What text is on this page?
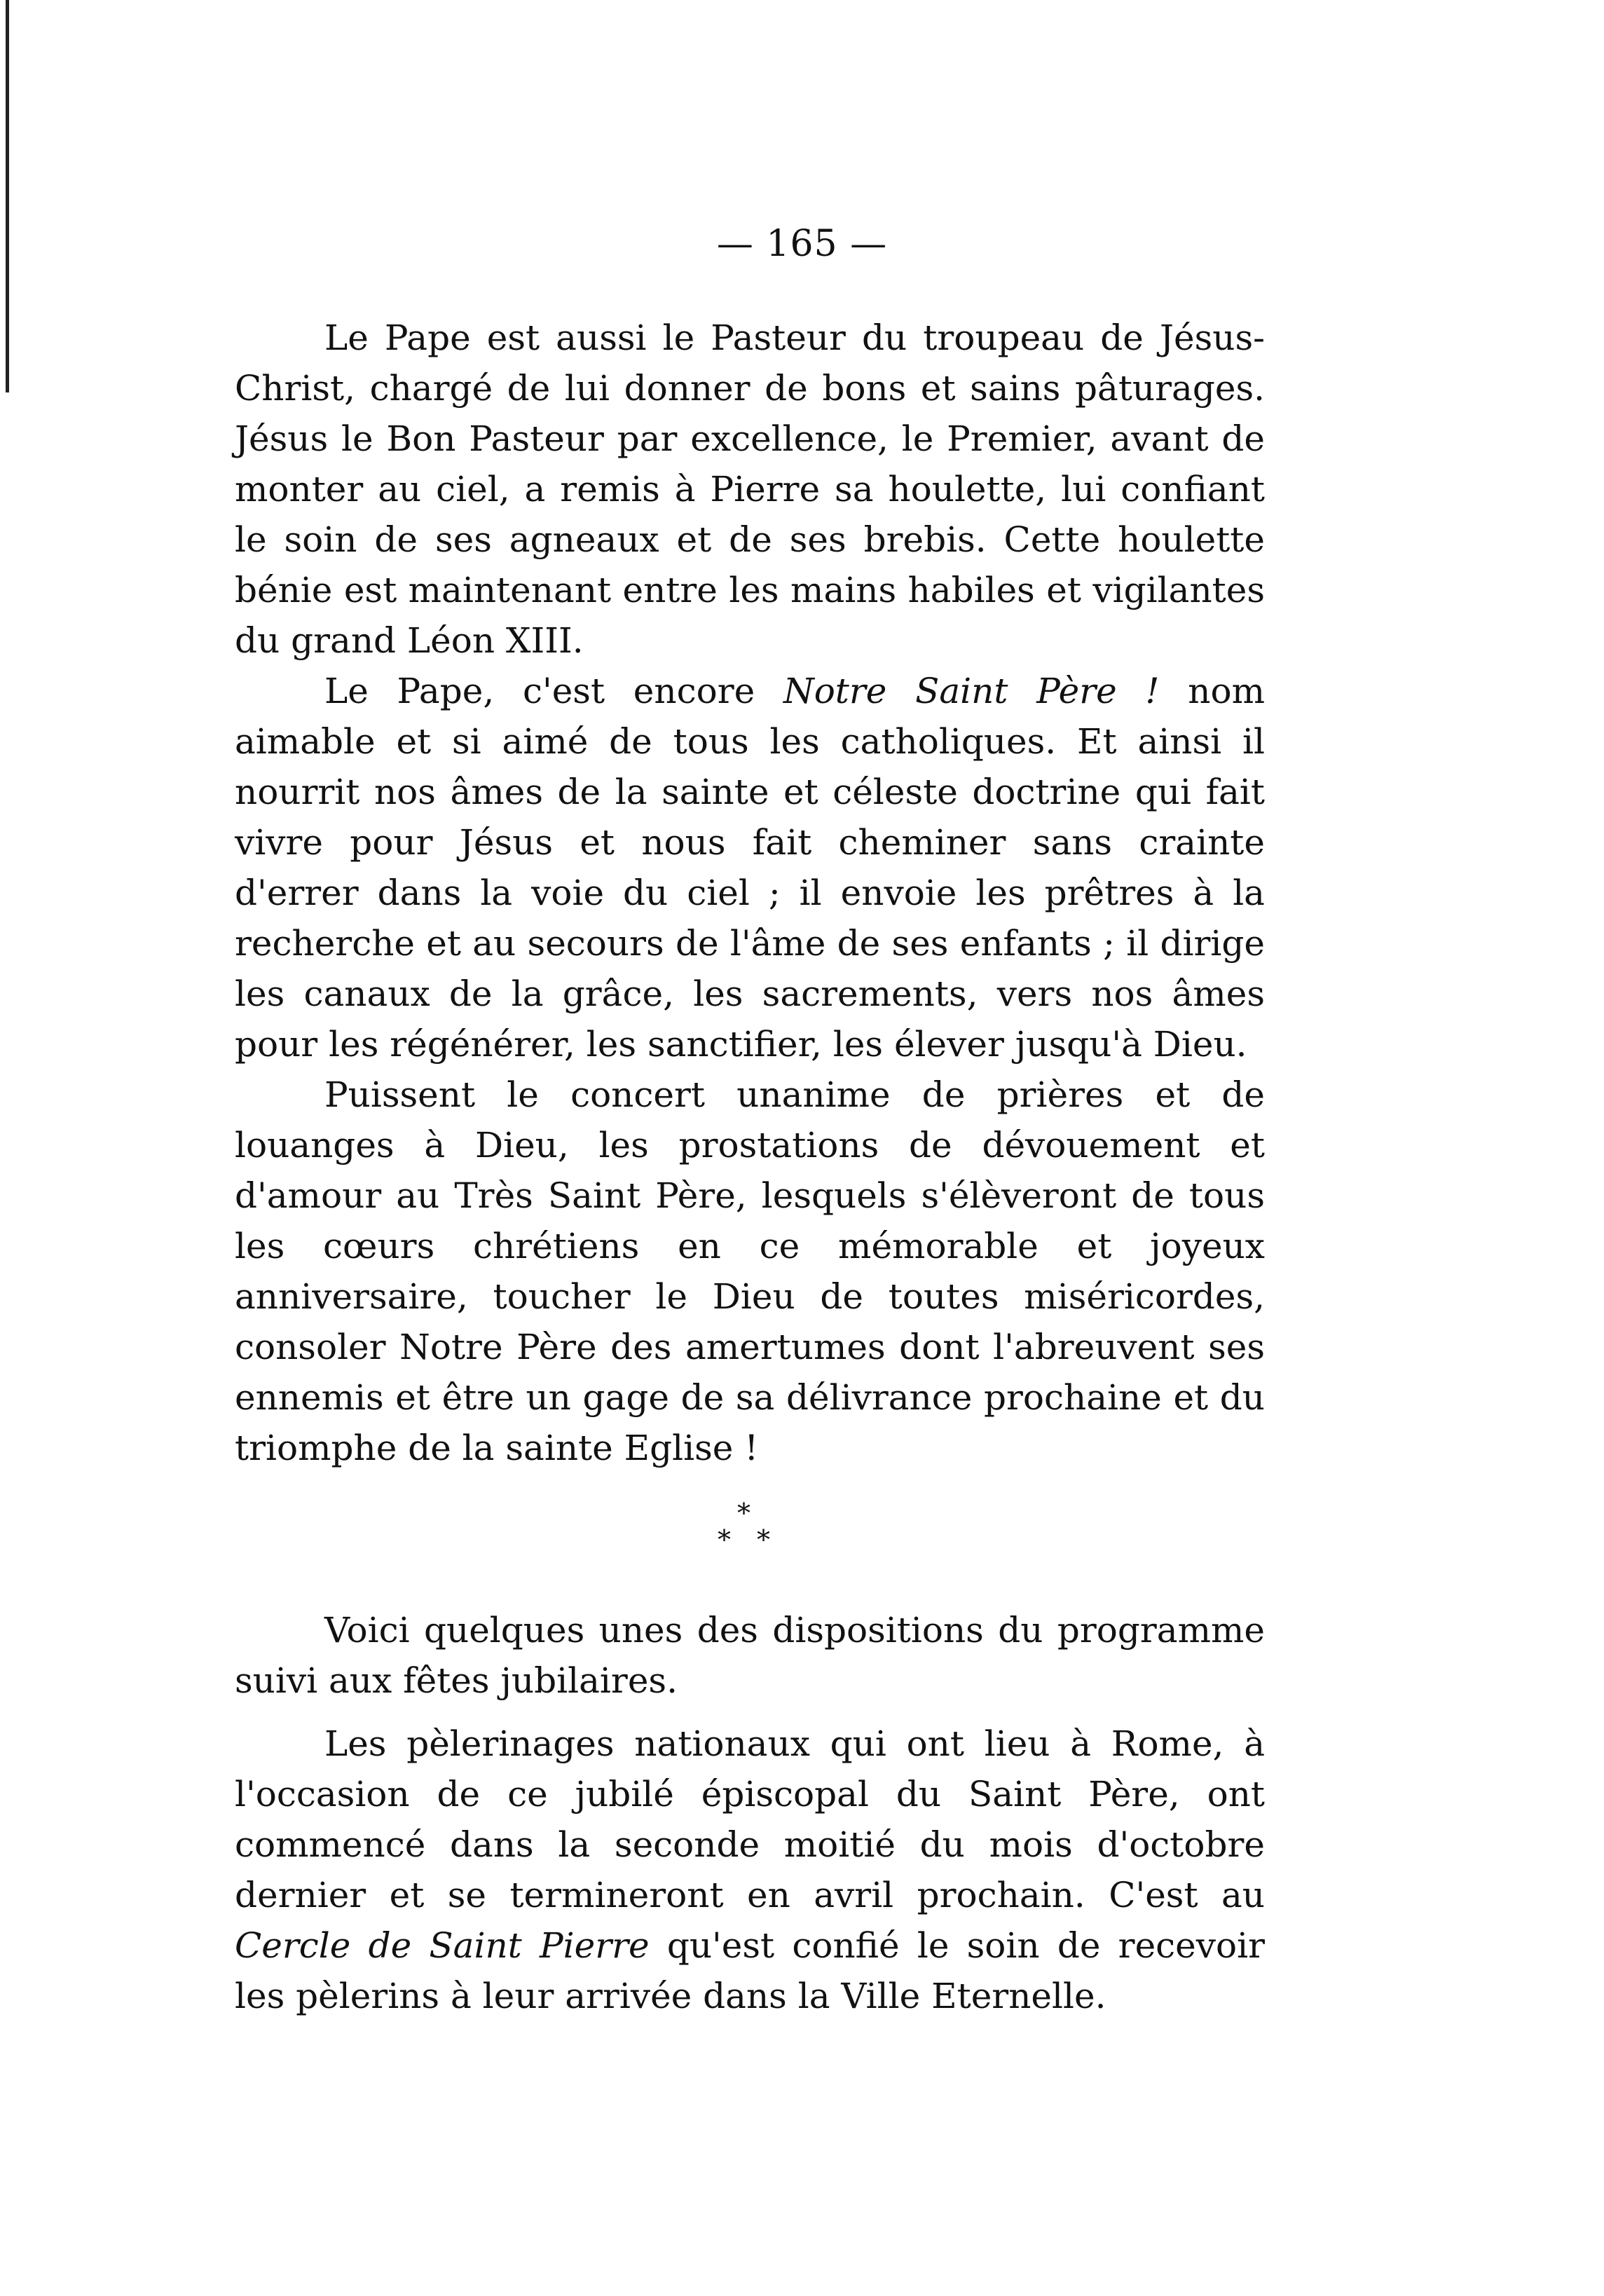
— 165 —

Le Pape est aussi le Pasteur du troupeau de Jésus-Christ, chargé de lui donner de bons et sains pâturages. Jésus le Bon Pasteur par excellence, le Premier, avant de monter au ciel, a remis à Pierre sa houlette, lui confiant le soin de ses agneaux et de ses brebis. Cette houlette bénie est maintenant entre les mains habiles et vigilantes du grand Léon XIII.

Le Pape, c'est encore Notre Saint Père ! nom aimable et si aimé de tous les catholiques. Et ainsi il nourrit nos âmes de la sainte et céleste doctrine qui fait vivre pour Jésus et nous fait cheminer sans crainte d'errer dans la voie du ciel ; il envoie les prêtres à la recherche et au secours de l'âme de ses enfants ; il dirige les canaux de la grâce, les sacrements, vers nos âmes pour les régénérer, les sanctifier, les élever jusqu'à Dieu.

Puissent le concert unanime de prières et de louanges à Dieu, les prostations de dévouement et d'amour au Très Saint Père, lesquels s'élèveront de tous les cœurs chrétiens en ce mémorable et joyeux anniversaire, toucher le Dieu de toutes miséricordes, consoler Notre Père des amertumes dont l'abreuvent ses ennemis et être un gage de sa délivrance prochaine et du triomphe de la sainte Eglise !

*
* *

Voici quelques unes des dispositions du programme suivi aux fêtes jubilaires.

Les pèlerinages nationaux qui ont lieu à Rome, à l'occasion de ce jubilé épiscopal du Saint Père, ont commencé dans la seconde moitié du mois d'octobre dernier et se termineront en avril prochain. C'est au Cercle de Saint Pierre qu'est confié le soin de recevoir les pèlerins à leur arrivée dans la Ville Eternelle.
